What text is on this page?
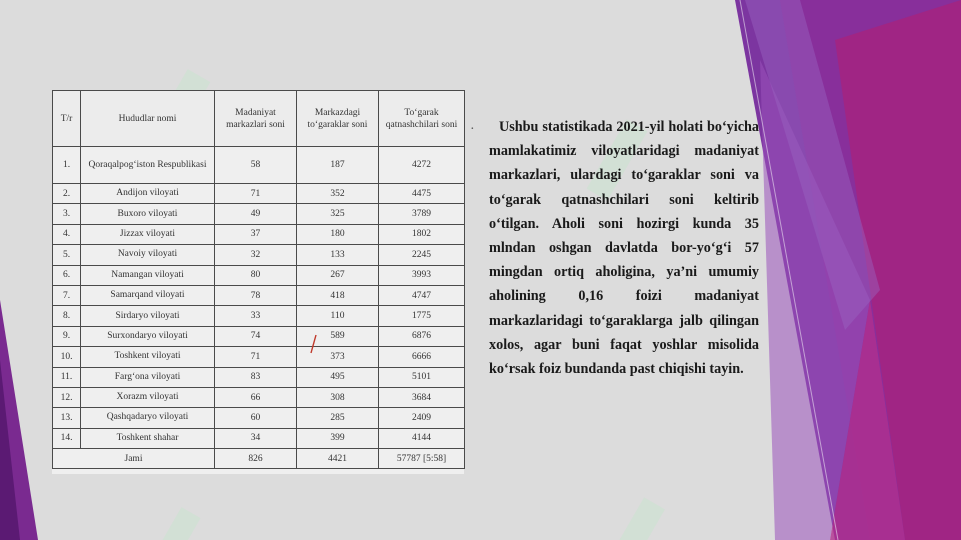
·
T/r	Hududlar nomi	Madaniyat markazlari soni	Markazdagi to‘garaklar soni	To‘garak qatnashchilari soni
1.	Qoraqalpog‘iston Respublikasi	58	187	4272
2.	Andijon viloyati	71	352	4475
3.	Buxoro viloyati	49	325	3789
4.	Jizzax viloyati	37	180	1802
5.	Navoiy viloyati	32	133	2245
6.	Namangan viloyati	80	267	3993
7.	Samarqand viloyati	78	418	4747
8.	Sirdaryo viloyati	33	110	1775
9.	Surxondaryo viloyati	74	589	6876
10.	Toshkent viloyati	71	373	6666
11.	Farg‘ona viloyati	83	495	5101
12.	Xorazm viloyati	66	308	3684
13.	Qashqadaryo viloyati	60	285	2409
14.	Toshkent shahar	34	399	4144
Jami		826	4421	57787 [5:58]
Ushbu statistikada 2021-yil holati bo‘yicha mamlakatimiz viloyatlaridagi madaniyat markazlari, ulardagi to‘garaklar soni va to‘garak qatnashchilari soni keltirib o‘tilgan. Aholi soni hozirgi kunda 35 mlndan oshgan davlatda bor-yo‘g‘i 57 mingdan ortiq aholigina, ya’ni umumiy aholining 0,16 foizi madaniyat markazlaridagi to‘garaklarga jalb qilingan xolos, agar buni faqat yoshlar misolida ko‘rsak foiz bundanda past chiqishi tayin.
